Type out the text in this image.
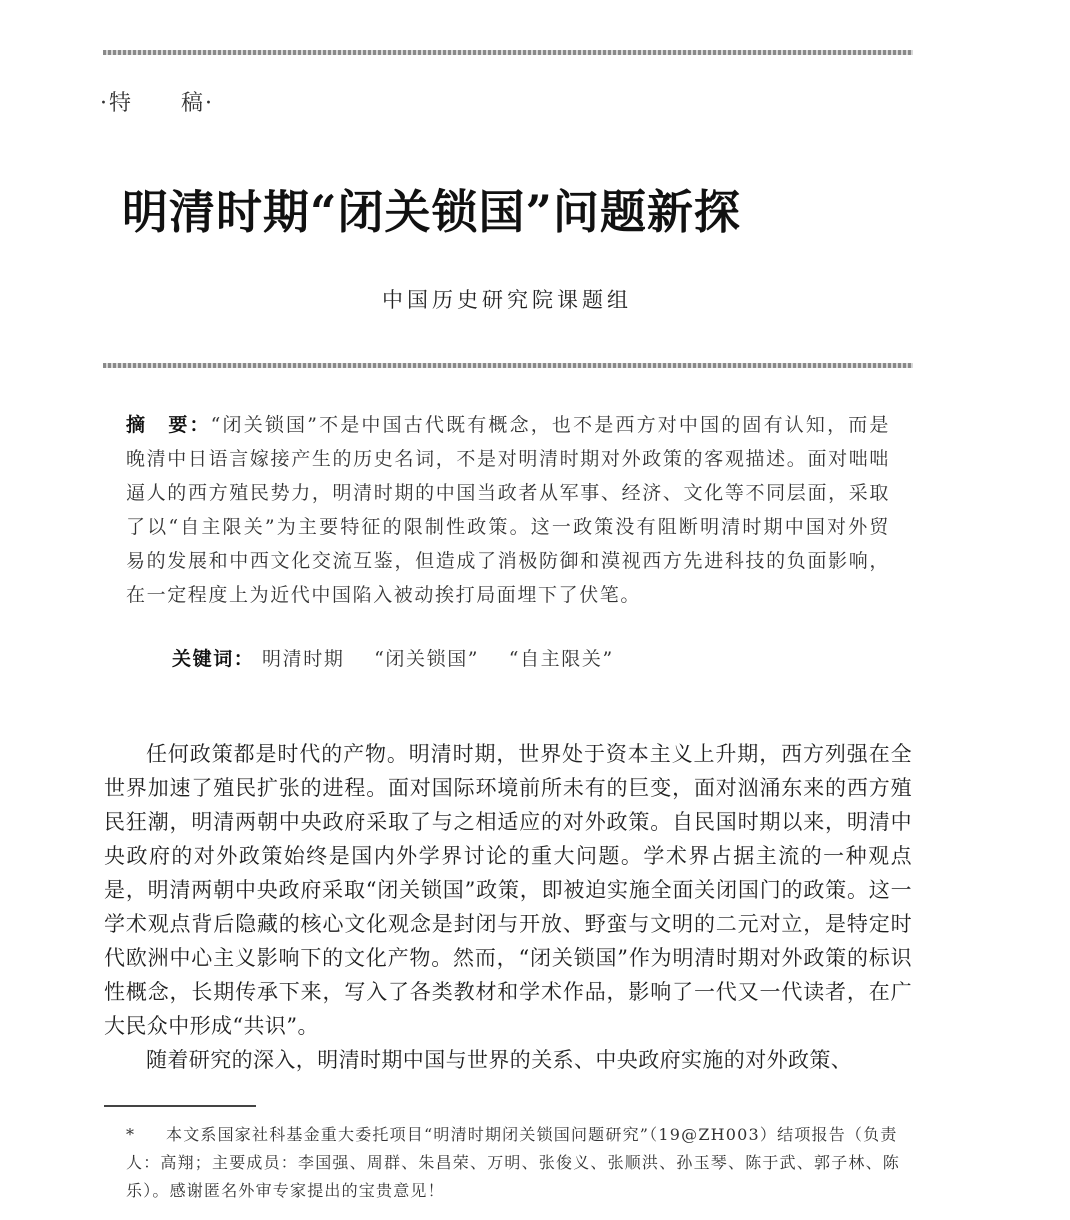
·特　　稿·
明清时期“闭关锁国”问题新探
中国历史研究院课题组

摘　要：“闭关锁国”不是中国古代既有概念，也不是西方对中国的固有认知，而是晚清中日语言嫁接产生的历史名词，不是对明清时期对外政策的客观描述。面对咄咄逼人的西方殖民势力，明清时期的中国当政者从军事、经济、文化等不同层面，采取了以“自主限关”为主要特征的限制性政策。这一政策没有阻断明清时期中国对外贸易的发展和中西文化交流互鉴，但造成了消极防御和漠视西方先进科技的负面影响，在一定程度上为近代中国陷入被动挨打局面埋下了伏笔。

关键词： 明清时期 “闭关锁国” “自主限关”

任何政策都是时代的产物。明清时期，世界处于资本主义上升期，西方列强在全世界加速了殖民扩张的进程。面对国际环境前所未有的巨变，面对汹涌东来的西方殖民狂潮，明清两朝中央政府采取了与之相适应的对外政策。自民国时期以来，明清中央政府的对外政策始终是国内外学界讨论的重大问题。学术界占据主流的一种观点是，明清两朝中央政府采取“闭关锁国”政策，即被迫实施全面关闭国门的政策。这一学术观点背后隐藏的核心文化观念是封闭与开放、野蛮与文明的二元对立，是特定时代欧洲中心主义影响下的文化产物。然而，“闭关锁国”作为明清时期对外政策的标识性概念，长期传承下来，写入了各类教材和学术作品，影响了一代又一代读者，在广大民众中形成“共识”。

随着研究的深入，明清时期中国与世界的关系、中央政府实施的对外政策、

* 本文系国家社科基金重大委托项目“明清时期闭关锁国问题研究”（19@ZH003）结项报告（负责人：高翔；主要成员：李国强、周群、朱昌荣、万明、张俊义、张顺洪、孙玉琴、陈于武、郭子林、陈乐）。感谢匿名外审专家提出的宝贵意见！
